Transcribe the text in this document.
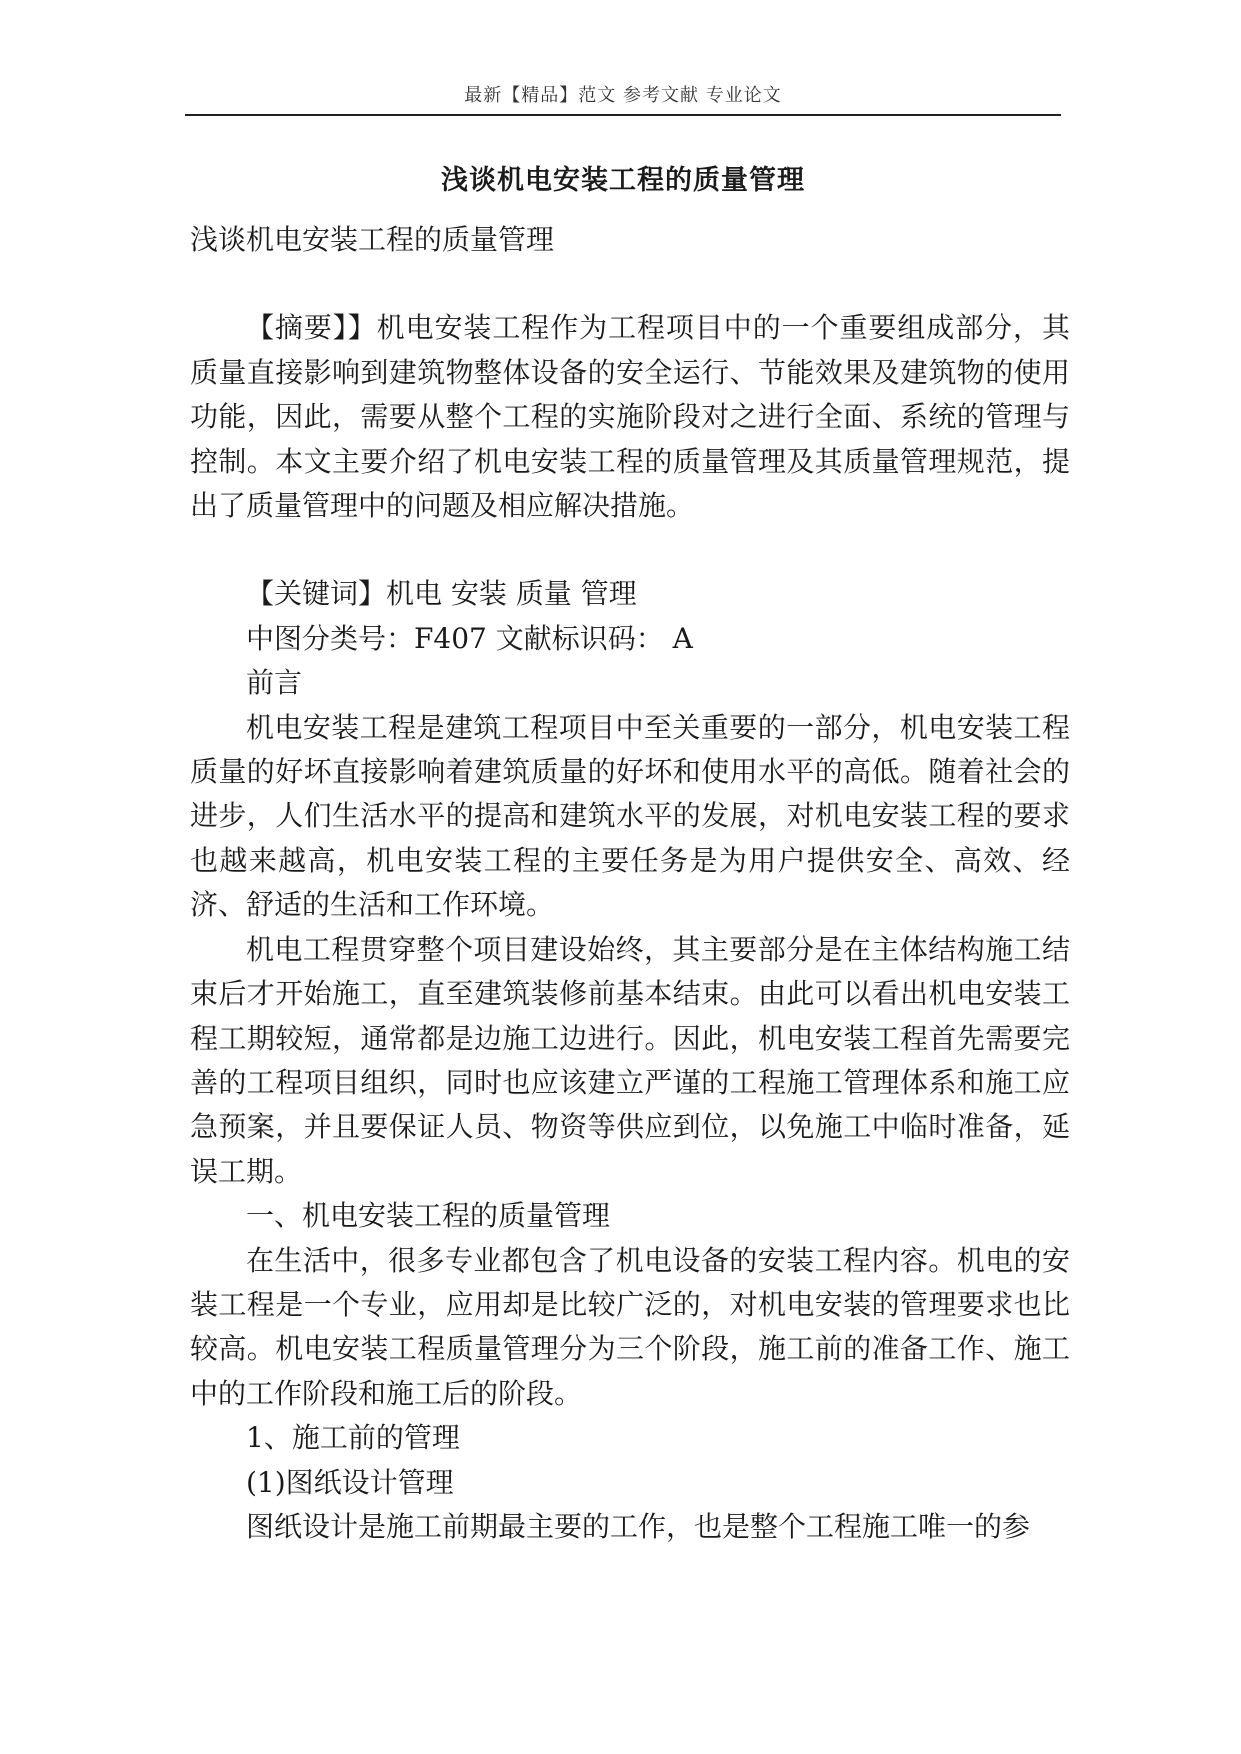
最新【精品】范文 参考文献 专业论文
浅谈机电安装工程的质量管理

浅谈机电安装工程的质量管理

【摘要】】机电安装工程作为工程项目中的一个重要组成部分，其质量直接影响到建筑物整体设备的安全运行、节能效果及建筑物的使用功能，因此，需要从整个工程的实施阶段对之进行全面、系统的管理与控制。本文主要介绍了机电安装工程的质量管理及其质量管理规范，提出了质量管理中的问题及相应解决措施。

【关键词】机电 安装 质量 管理

中图分类号：F407 文献标识码： A

前言

机电安装工程是建筑工程项目中至关重要的一部分，机电安装工程质量的好坏直接影响着建筑质量的好坏和使用水平的高低。随着社会的进步，人们生活水平的提高和建筑水平的发展，对机电安装工程的要求也越来越高，机电安装工程的主要任务是为用户提供安全、高效、经济、舒适的生活和工作环境。

机电工程贯穿整个项目建设始终，其主要部分是在主体结构施工结束后才开始施工，直至建筑装修前基本结束。由此可以看出机电安装工程工期较短，通常都是边施工边进行。因此，机电安装工程首先需要完善的工程项目组织，同时也应该建立严谨的工程施工管理体系和施工应急预案，并且要保证人员、物资等供应到位，以免施工中临时准备，延误工期。

一、机电安装工程的质量管理

在生活中，很多专业都包含了机电设备的安装工程内容。机电的安装工程是一个专业，应用却是比较广泛的，对机电安装的管理要求也比较高。机电安装工程质量管理分为三个阶段，施工前的准备工作、施工中的工作阶段和施工后的阶段。

1、施工前的管理

(1)图纸设计管理

图纸设计是施工前期最主要的工作，也是整个工程施工唯一的参
